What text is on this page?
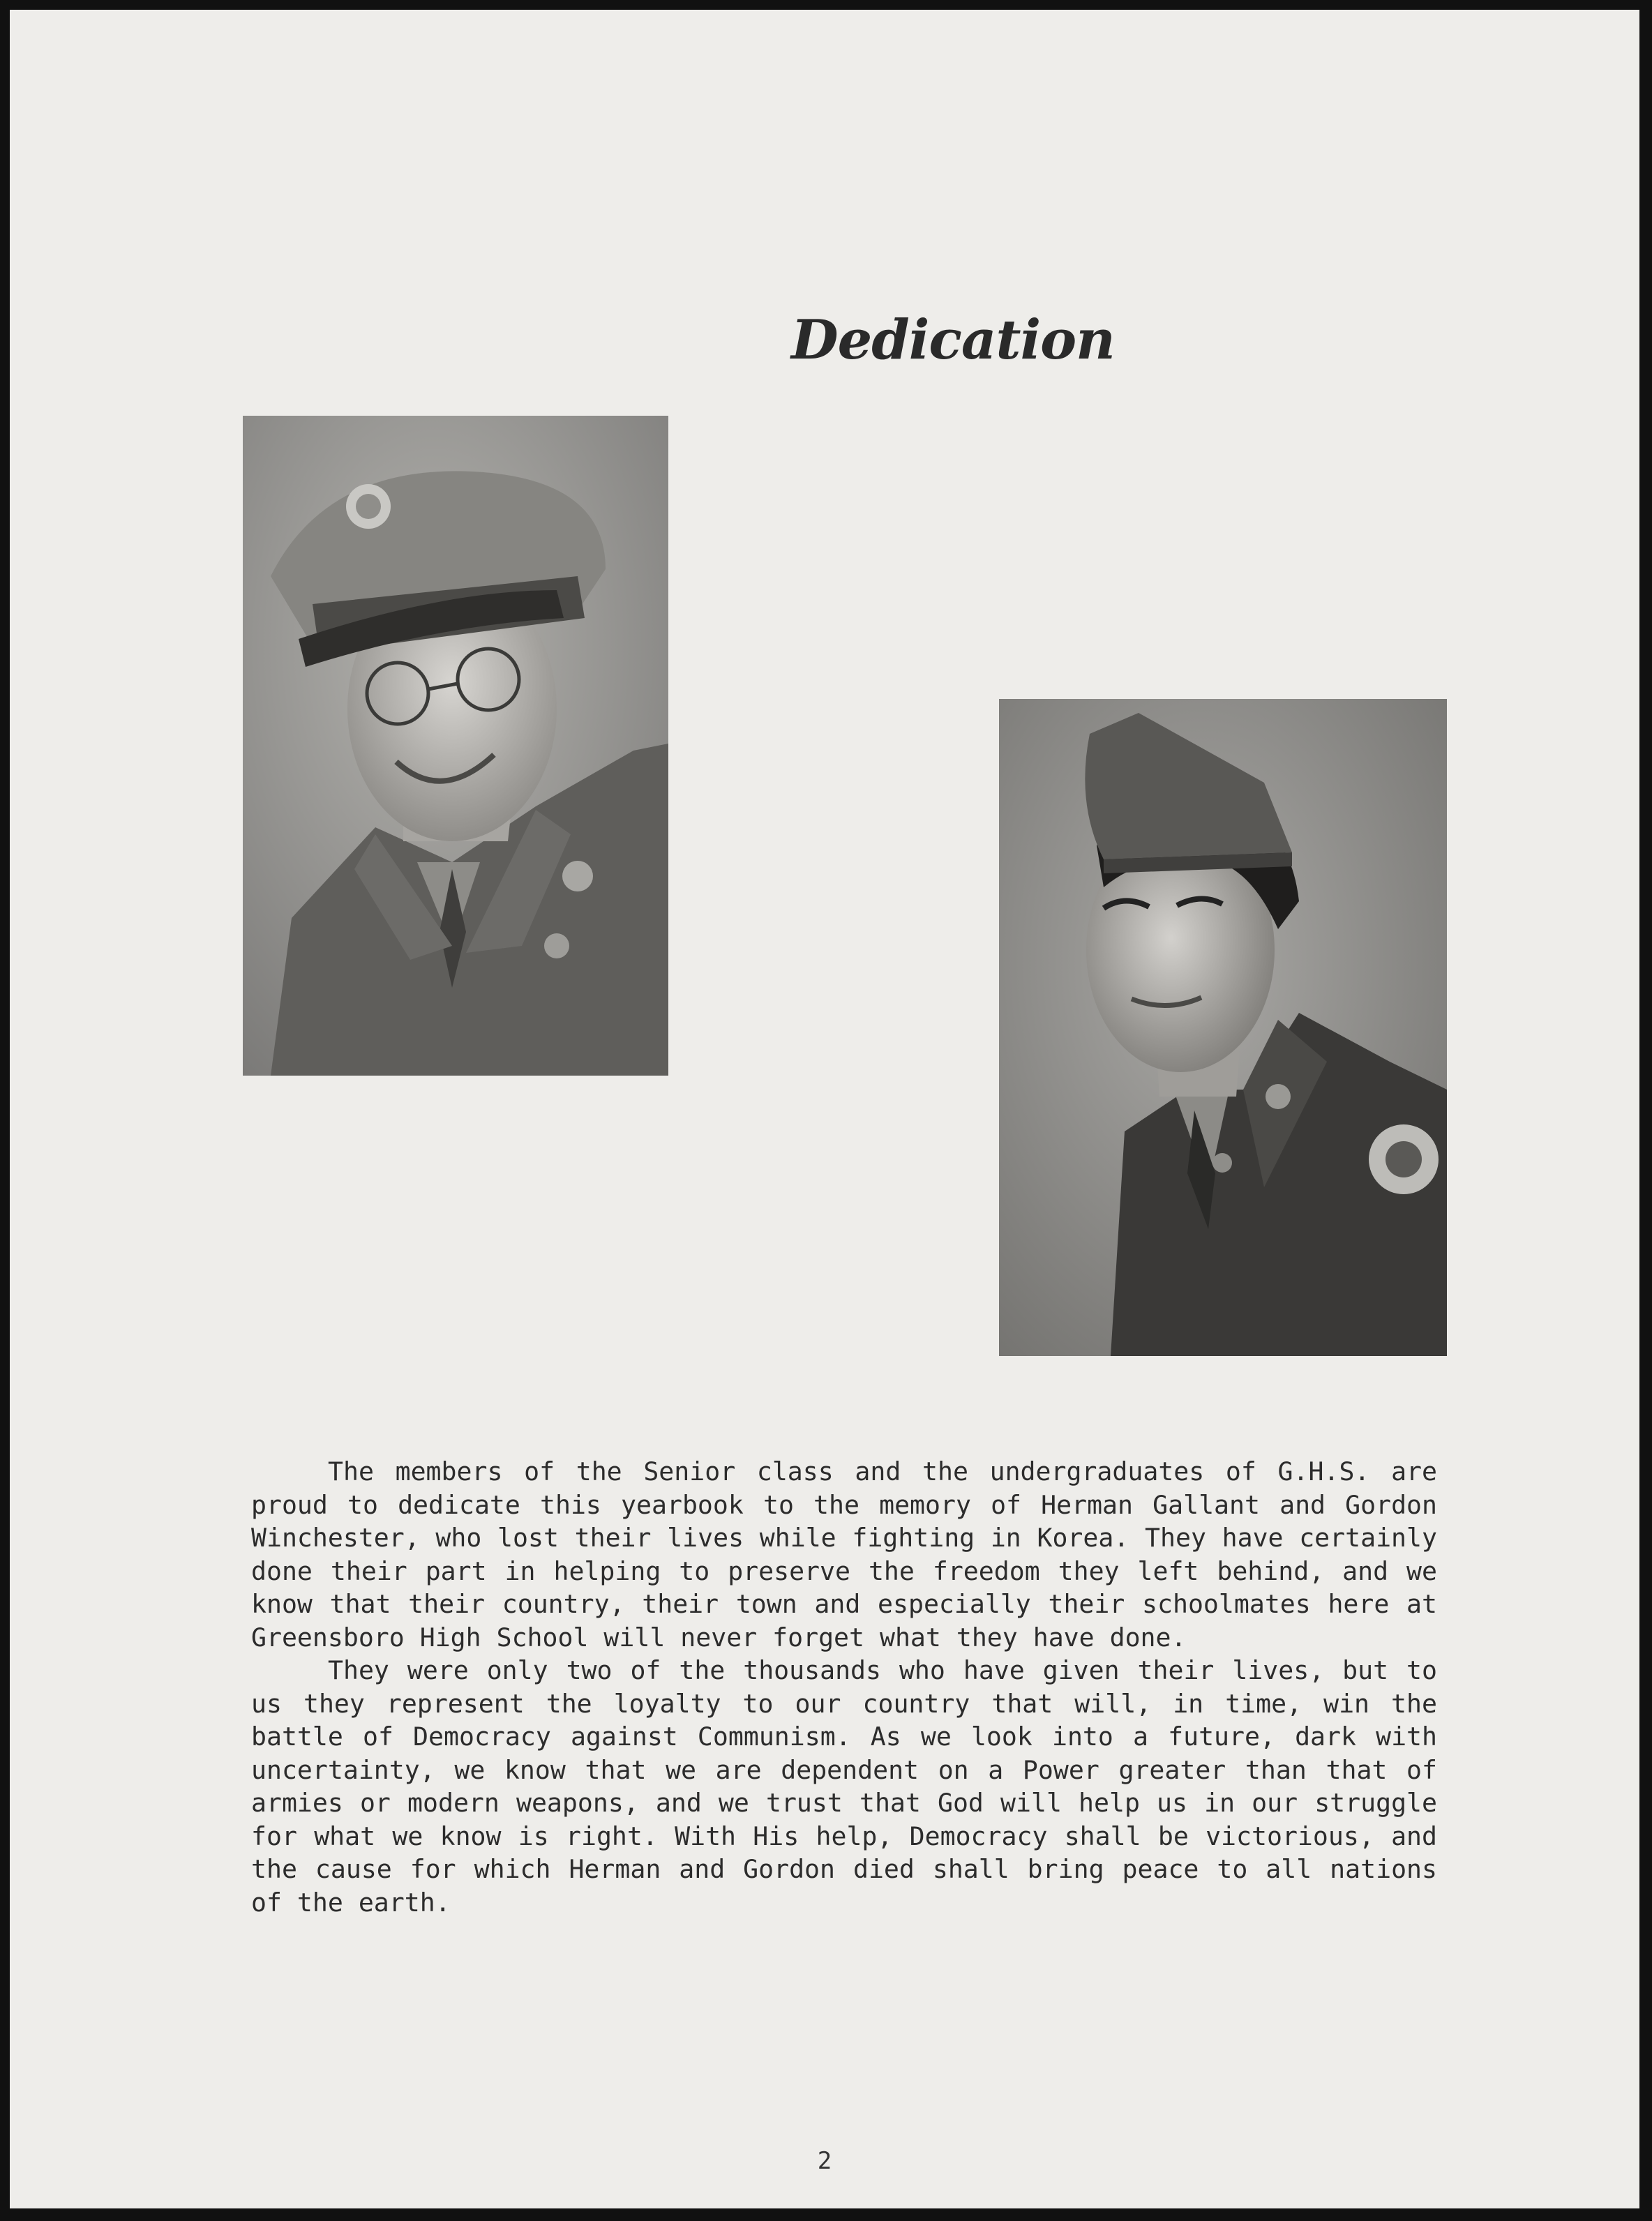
Dedication

The members of the Senior class and the undergraduates of G.H.S. are proud to dedicate this yearbook to the memory of Herman Gallant and Gordon Winchester, who lost their lives while fighting in Korea. They have certainly done their part in helping to preserve the freedom they left behind, and we know that their country, their town and especially their schoolmates here at Greensboro High School will never forget what they have done.

They were only two of the thousands who have given their lives, but to us they represent the loyalty to our country that will, in time, win the battle of Democracy against Communism. As we look into a future, dark with uncertainty, we know that we are dependent on a Power greater than that of armies or modern weapons, and we trust that God will help us in our struggle for what we know is right. With His help, Democracy shall be victorious, and the cause for which Herman and Gordon died shall bring peace to all nations of the earth.

2
